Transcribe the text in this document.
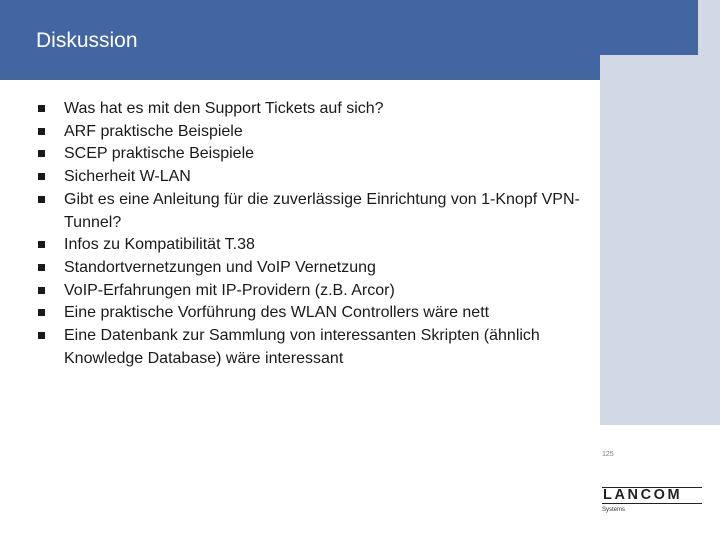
Diskussion
125
Was hat es mit den Support Tickets auf sich?
ARF praktische Beispiele
SCEP praktische Beispiele
Sicherheit W-LAN
Gibt es eine Anleitung für die zuverlässige Einrichtung von 1-Knopf VPN-Tunnel?
Infos zu Kompatibilität T.38
Standortvernetzungen und VoIP Vernetzung
VoIP-Erfahrungen mit IP-Providern (z.B. Arcor)
Eine praktische Vorführung des WLAN Controllers wäre nett
Eine Datenbank zur Sammlung von interessanten Skripten (ähnlich Knowledge Database) wäre interessant
LANCOM
Systems
